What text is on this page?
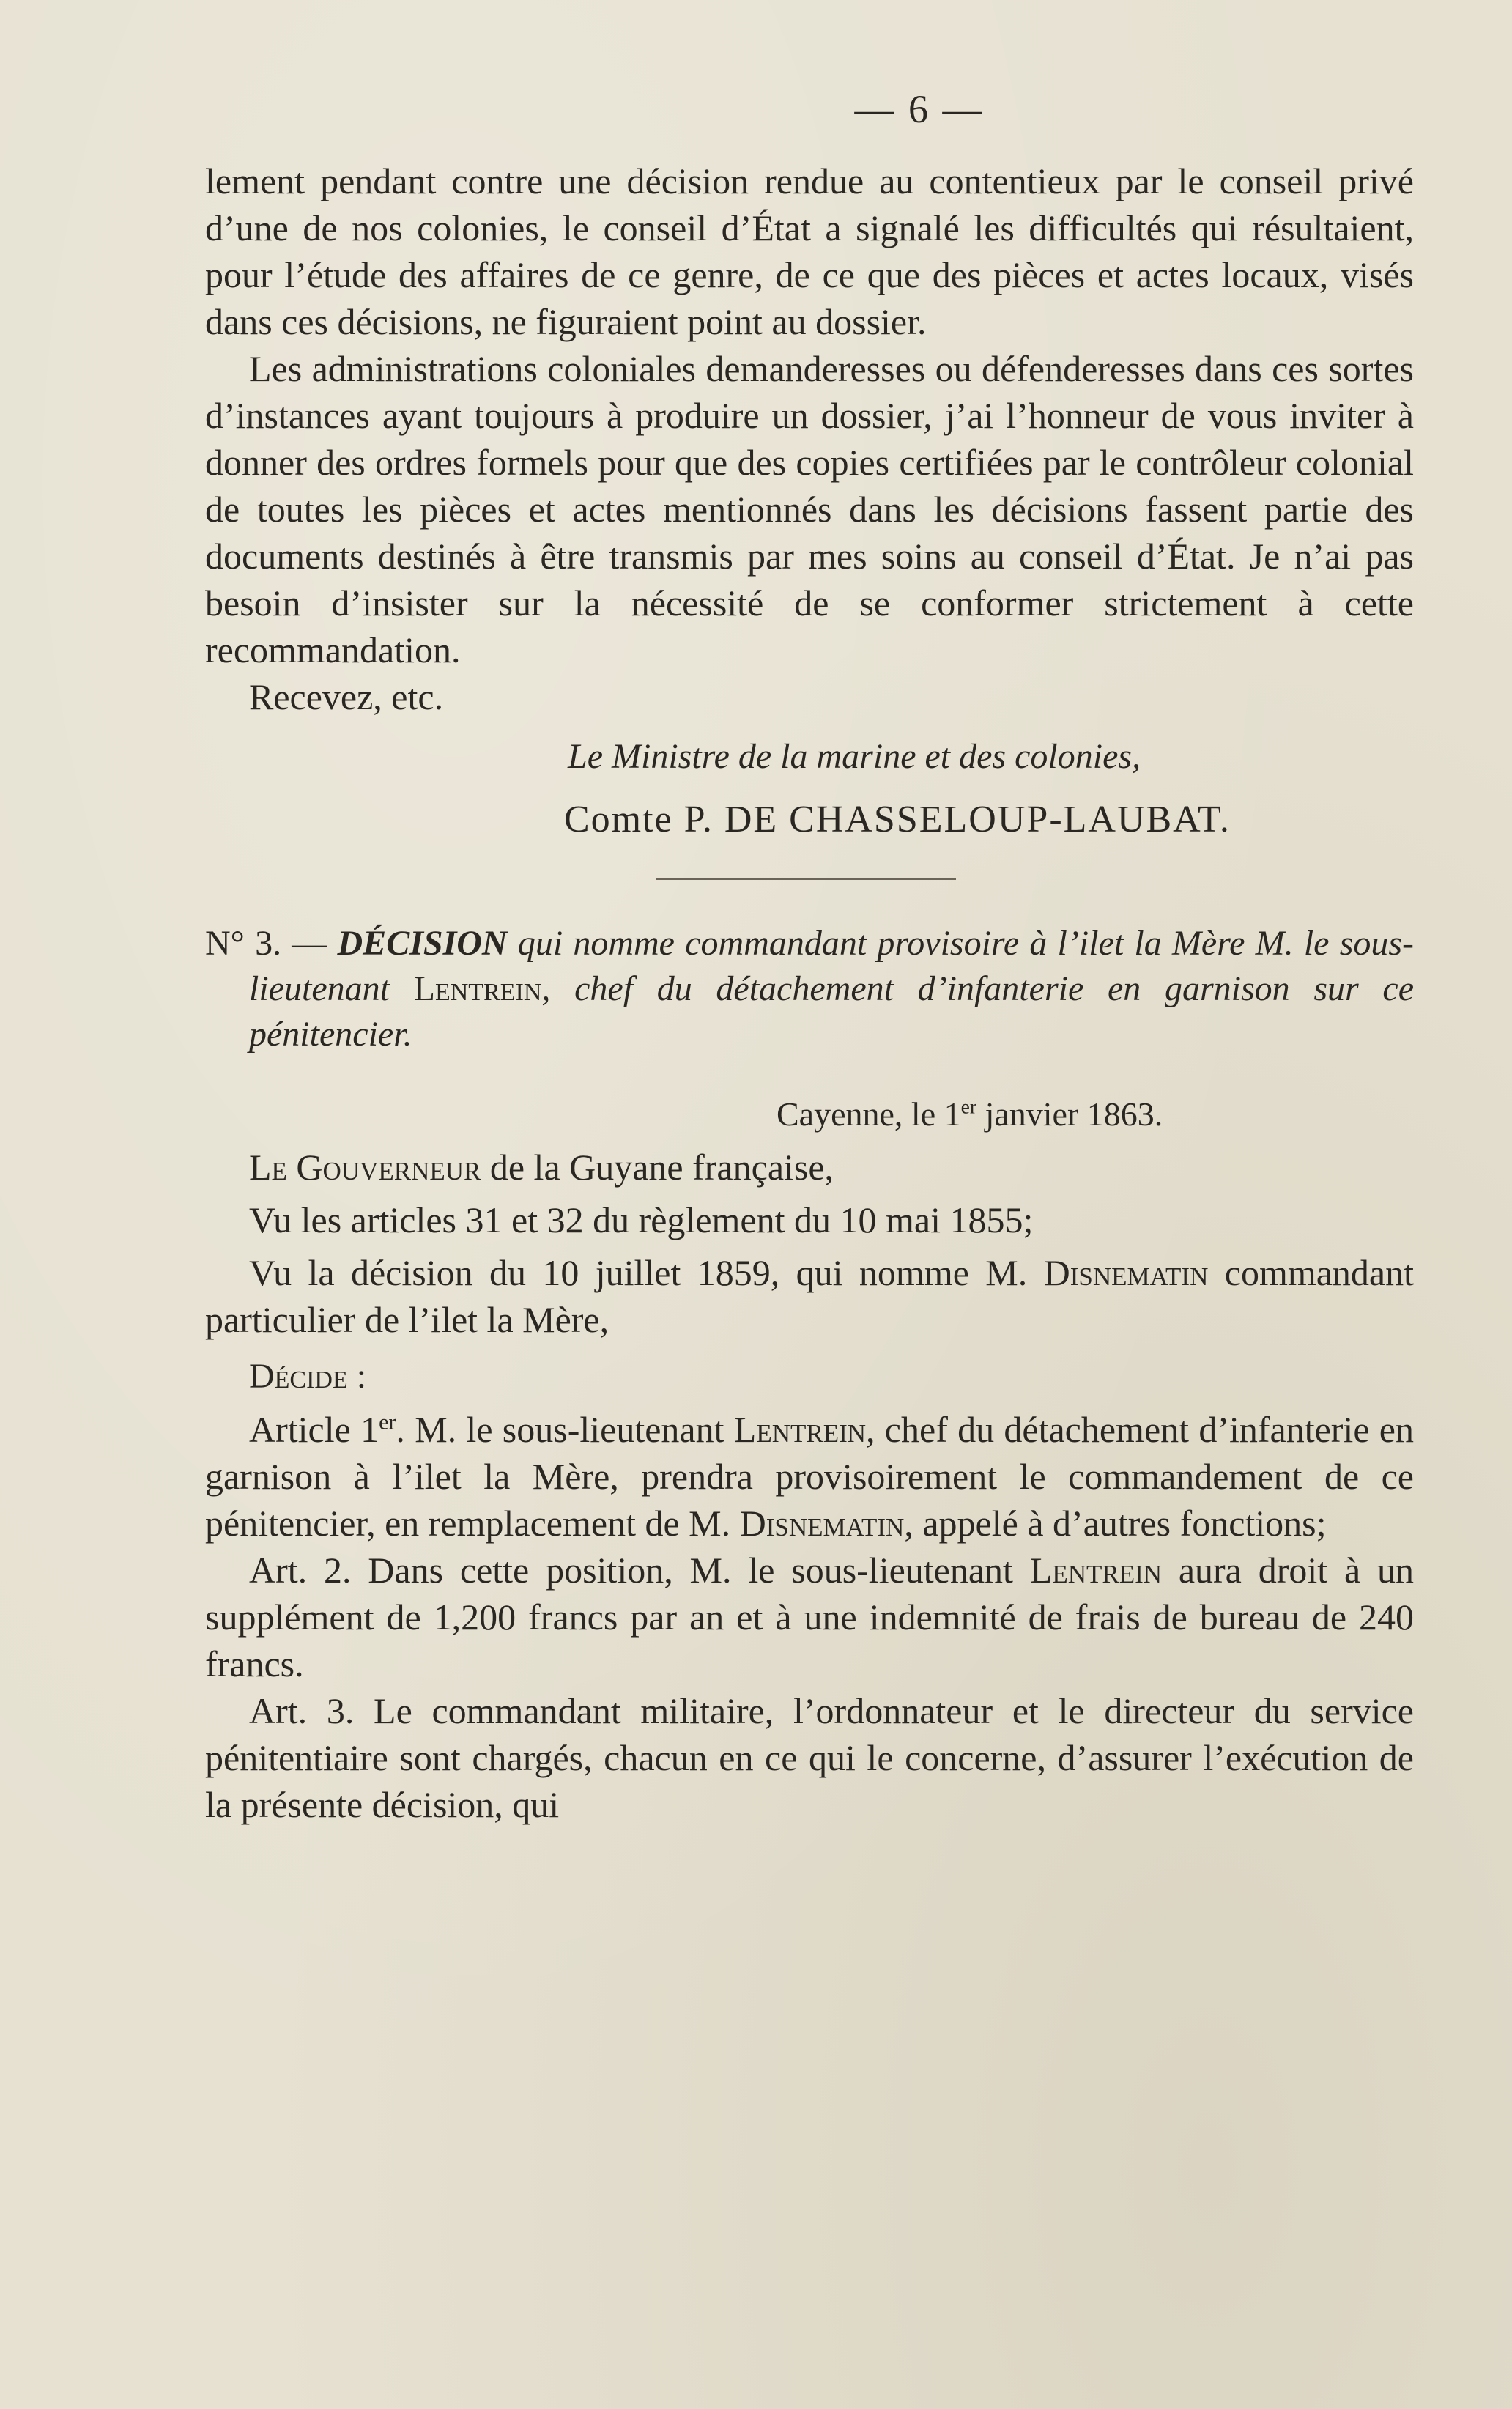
— 6 —

lement pendant contre une décision rendue au contentieux par le conseil privé d’une de nos colonies, le conseil d’État a signalé les difficultés qui résultaient, pour l’étude des affaires de ce genre, de ce que des pièces et actes locaux, visés dans ces décisions, ne figuraient point au dossier.

Les administrations coloniales demanderesses ou défenderesses dans ces sortes d’instances ayant toujours à produire un dossier, j’ai l’honneur de vous inviter à donner des ordres formels pour que des copies certifiées par le contrôleur colonial de toutes les pièces et actes mentionnés dans les décisions fassent partie des documents destinés à être transmis par mes soins au conseil d’État. Je n’ai pas besoin d’insister sur la nécessité de se conformer strictement à cette recommandation.

Recevez, etc.

Le Ministre de la marine et des colonies,
Comte P. DE CHASSELOUP-LAUBAT.

N° 3. — DÉCISION qui nomme commandant provisoire à l’ilet la Mère M. le sous-lieutenant Lentrein, chef du détachement d’infanterie en garnison sur ce pénitencier.

Cayenne, le 1er janvier 1863.

Le Gouverneur de la Guyane française,

Vu les articles 31 et 32 du règlement du 10 mai 1855;

Vu la décision du 10 juillet 1859, qui nomme M. Disnematin commandant particulier de l’ilet la Mère,

Décide :

Article 1er. M. le sous-lieutenant Lentrein, chef du détachement d’infanterie en garnison à l’ilet la Mère, prendra provisoirement le commandement de ce pénitencier, en remplacement de M. Disnematin, appelé à d’autres fonctions;

Art. 2. Dans cette position, M. le sous-lieutenant Lentrein aura droit à un supplément de 1,200 francs par an et à une indemnité de frais de bureau de 240 francs.

Art. 3. Le commandant militaire, l’ordonnateur et le directeur du service pénitentiaire sont chargés, chacun en ce qui le concerne, d’assurer l’exécution de la présente décision, qui
